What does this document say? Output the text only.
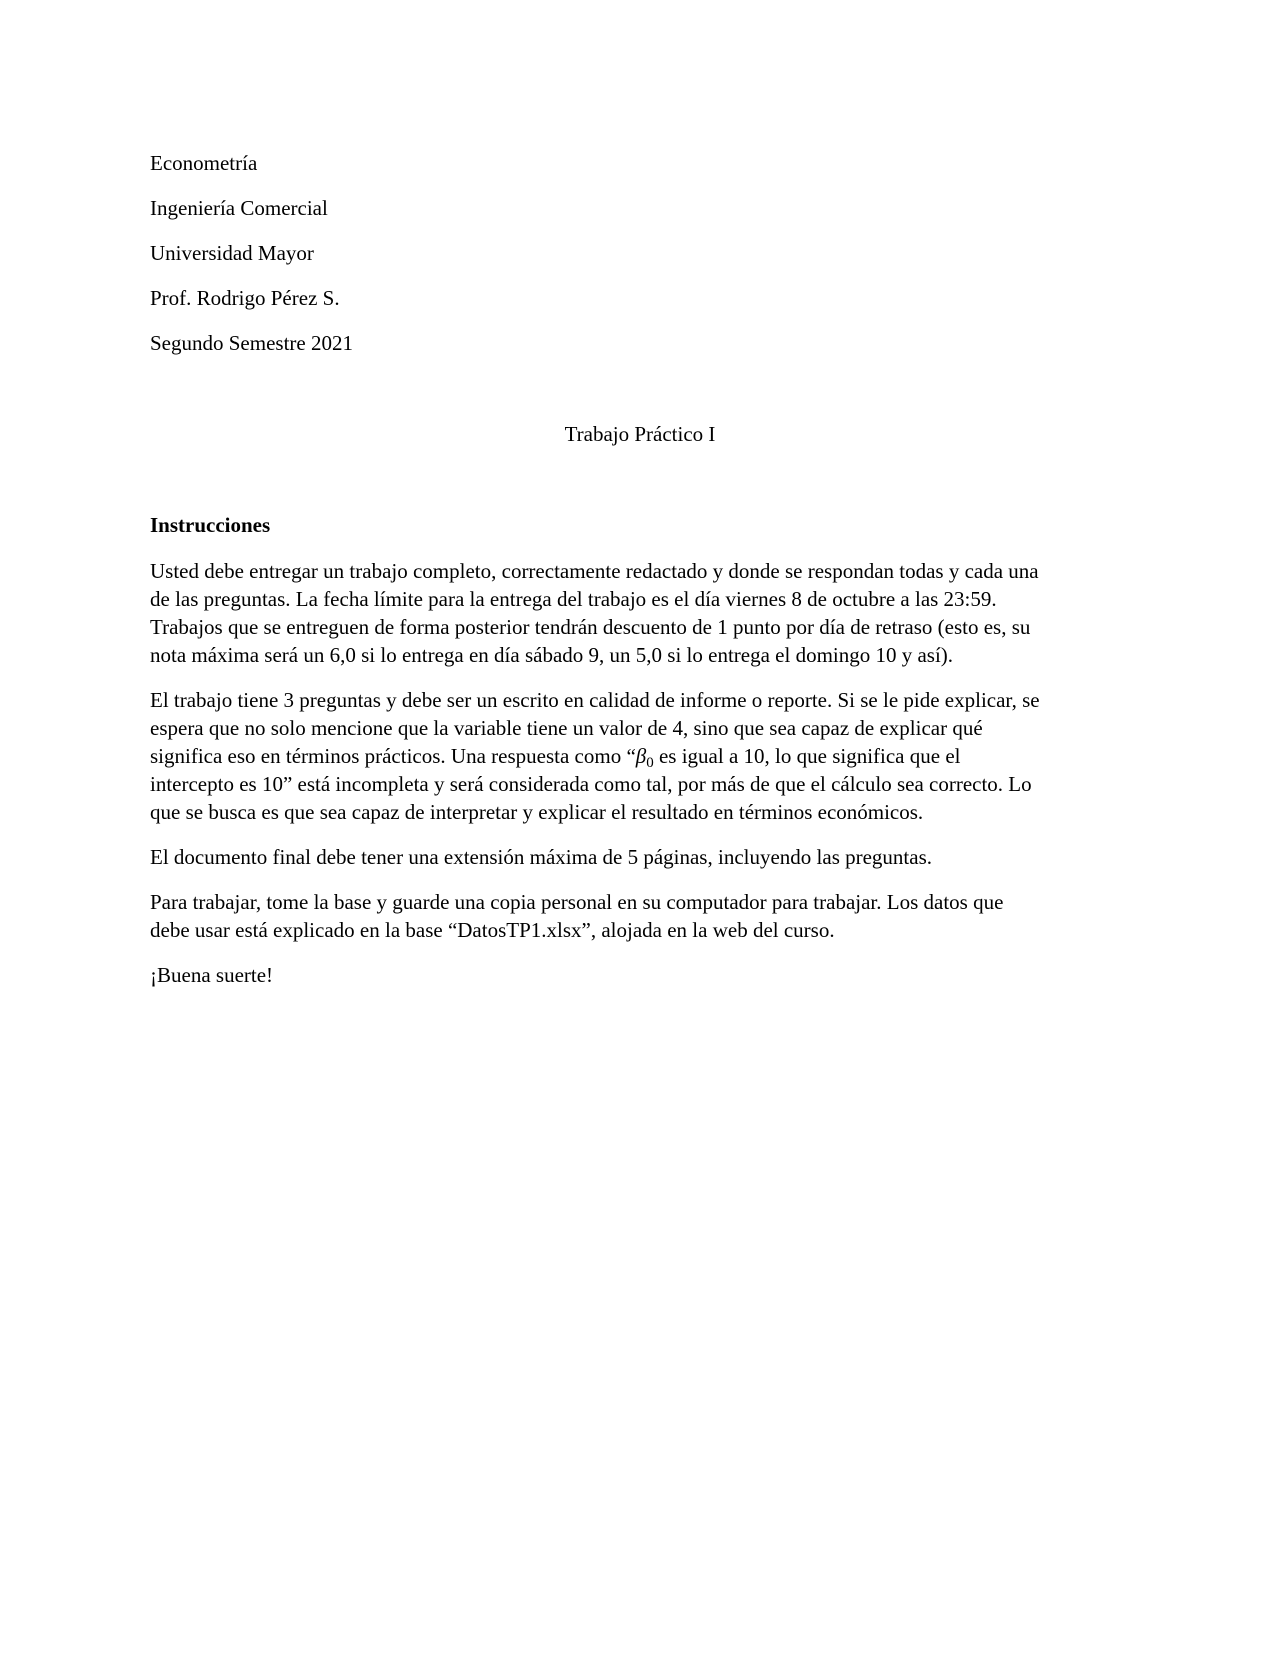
Econometría
Ingeniería Comercial
Universidad Mayor
Prof. Rodrigo Pérez S.
Segundo Semestre 2021
Trabajo Práctico I
Instrucciones

Usted debe entregar un trabajo completo, correctamente redactado y donde se respondan todas y cada una
de las preguntas. La fecha límite para la entrega del trabajo es el día viernes 8 de octubre a las 23:59.
Trabajos que se entreguen de forma posterior tendrán descuento de 1 punto por día de retraso (esto es, su
nota máxima será un 6,0 si lo entrega en día sábado 9, un 5,0 si lo entrega el domingo 10 y así).

El trabajo tiene 3 preguntas y debe ser un escrito en calidad de informe o reporte. Si se le pide explicar, se
espera que no solo mencione que la variable tiene un valor de 4, sino que sea capaz de explicar qué
significa eso en términos prácticos. Una respuesta como “$\beta_0$ es igual a 10, lo que significa que el
intercepto es 10” está incompleta y será considerada como tal, por más de que el cálculo sea correcto. Lo
que se busca es que sea capaz de interpretar y explicar el resultado en términos económicos.

El documento final debe tener una extensión máxima de 5 páginas, incluyendo las preguntas.

Para trabajar, tome la base y guarde una copia personal en su computador para trabajar. Los datos que
debe usar está explicado en la base “DatosTP1.xlsx”, alojada en la web del curso.

¡Buena suerte!
